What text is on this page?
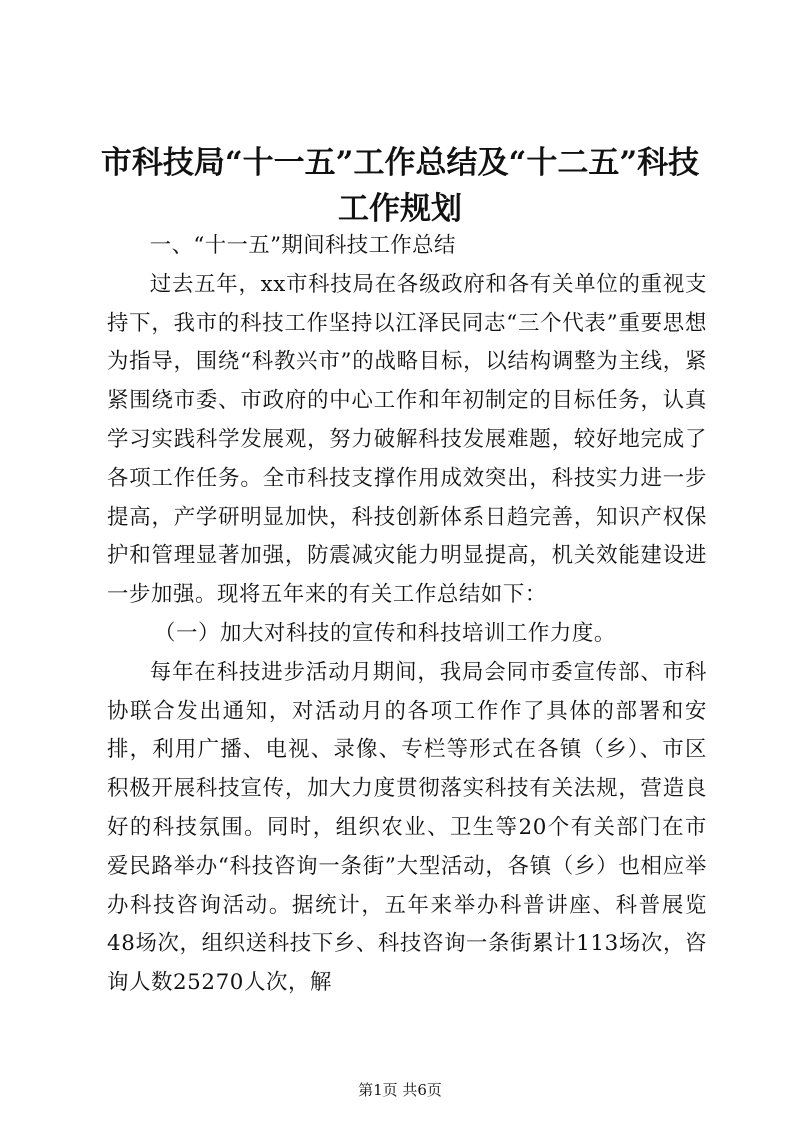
市科技局“十一五”工作总结及“十二五”科技工作规划

一、“十一五”期间科技工作总结

过去五年，xx市科技局在各级政府和各有关单位的重视支持下，我市的科技工作坚持以江泽民同志“三个代表”重要思想为指导，围绕“科教兴市”的战略目标，以结构调整为主线，紧紧围绕市委、市政府的中心工作和年初制定的目标任务，认真学习实践科学发展观，努力破解科技发展难题，较好地完成了各项工作任务。全市科技支撑作用成效突出，科技实力进一步提高，产学研明显加快，科技创新体系日趋完善，知识产权保护和管理显著加强，防震减灾能力明显提高，机关效能建设进一步加强。现将五年来的有关工作总结如下：

（一）加大对科技的宣传和科技培训工作力度。

每年在科技进步活动月期间，我局会同市委宣传部、市科协联合发出通知，对活动月的各项工作作了具体的部署和安排，利用广播、电视、录像、专栏等形式在各镇（乡）、市区积极开展科技宣传，加大力度贯彻落实科技有关法规，营造良好的科技氛围。同时，组织农业、卫生等20个有关部门在市爱民路举办“科技咨询一条街”大型活动，各镇（乡）也相应举办科技咨询活动。据统计，五年来举办科普讲座、科普展览48场次，组织送科技下乡、科技咨询一条街累计113场次，咨询人数25270人次，解

第1页 共6页
